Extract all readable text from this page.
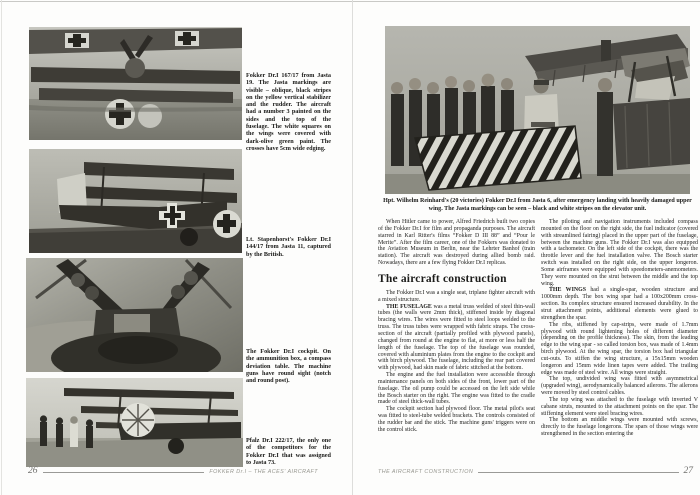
Fokker Dr.I 167/17 from Jasta 19. The Jasta markings are visible – oblique, black stripes on the yellow vertical stabilizer and the rudder. The aircraft had a number 3 painted on the sides and the top of the fuselage. The white squares on the wings were covered with dark-olive green paint. The crosses have 5cm wide edging.
Lt. Stapenhorst's Fokker Dr.I 144/17 from Jasta 11, captured by the British.
The Fokker Dr.I cockpit. On the ammunition box, a compass deviation table. The machine guns have round sight (notch and round post).
Pfalz Dr.I 222/17, the only one of the competitors for the Fokker Dr.I that was assigned to Jasta 73.
26	FOKKER Dr.I – THE ACES' AIRCRAFT
Hpt. Wilhelm Reinhard's (20 victories) Fokker Dr.I from Jasta 6, after emergency landing with heavily damaged upper wing. The Jasta markings can be seen – black and white stripes on the elevator unit.

When Hitler came to power, Alfred Friedrich built two copies of the Fokker Dr.I for film and propaganda purposes. The aircraft starred in Karl Ritter's films “Fokker D III 88” and “Pour le Merite”. After the film career, one of the Fokkers was donated to the Aviation Museum in Berlin, near the Lehrter Banhof (train station). The aircraft was destroyed during allied bomb raid. Nowadays, there are a few flying Fokker Dr.I replicas.

The aircraft construction

The Fokker Dr.I was a single seat, triplane fighter aircraft with a mixed structure.

THE FUSELAGE was a metal truss welded of steel thin-wall tubes (the walls were 2mm thick), stiffened inside by diagonal bracing wires. The wires were fitted to steel loops welded to the truss. The truss tubes were wrapped with fabric straps. The cross-section of the aircraft (partially profiled with plywood panels), changed from round at the engine to flat, at more or less half the length of the fuselage. The top of the fuselage was rounded, covered with aluminium plates from the engine to the cockpit and with birch plywood. The fuselage, including the rear part covered with plywood, had skin made of fabric stitched at the bottom.

The engine and the fuel installation were accessible through maintenance panels on both sides of the front, lower part of the fuselage. The oil pump could be accessed on the left side while the Bosch starter on the right. The engine was fitted to the cradle made of steel thick-wall tubes.

The cockpit section had plywood floor. The metal pilot's seat was fitted to steel-tube welded brackets. The controls consisted of the rudder bar and the stick. The machine guns' triggers were on the control stick.

The piloting and navigation instruments included compass mounted on the floor on the right side, the fuel indicator (covered with streamlined fairing) placed in the upper part of the fuselage, between the machine guns. The Fokker Dr.I was also equipped with a tachometer. On the left side of the cockpit, there was the throttle lever and the fuel installation valve. The Bosch starter switch was installed on the right side, on the upper longeron. Some airframes were equipped with speedometers-anemometers. They were mounted on the strut between the middle and the top wing.

THE WINGS had a single-spar, wooden structure and 1000mm depth. The box wing spar had a 100x200mm cross-section. Its complex structure ensured increased durability. In the strut attachment points, additional elements were glued to strengthen the spar.

The ribs, stiffened by cap-strips, were made of 1.7mm plywood with round lightening holes of different diameter (depending on the profile thickness). The skin, from the leading edge to the wing spar - so called torsion box, was made of 1.4mm birch plywood. At the wing spar, the torsion box had triangular cut-outs. To stiffen the wing structure, a 15x15mm wooden longeron and 15mm wide linen tapes were added. The trailing edge was made of steel wire. All wings were straight.

The top, undivided wing was fitted with asymmetrical (upgraded wing), aerodynamically balanced ailerons. The ailerons were moved by steel control cables.

The top wing was attached to the fuselage with inverted V cabane struts, mounted to the attachment points on the spar. The stiffening element were steel bracing wires.

The bottom an middle wings were mounted with screws, directly to the fuselage longerons. The spars of those wings were strengthened in the section entering the

THE AIRCRAFT CONSTRUCTION	27
